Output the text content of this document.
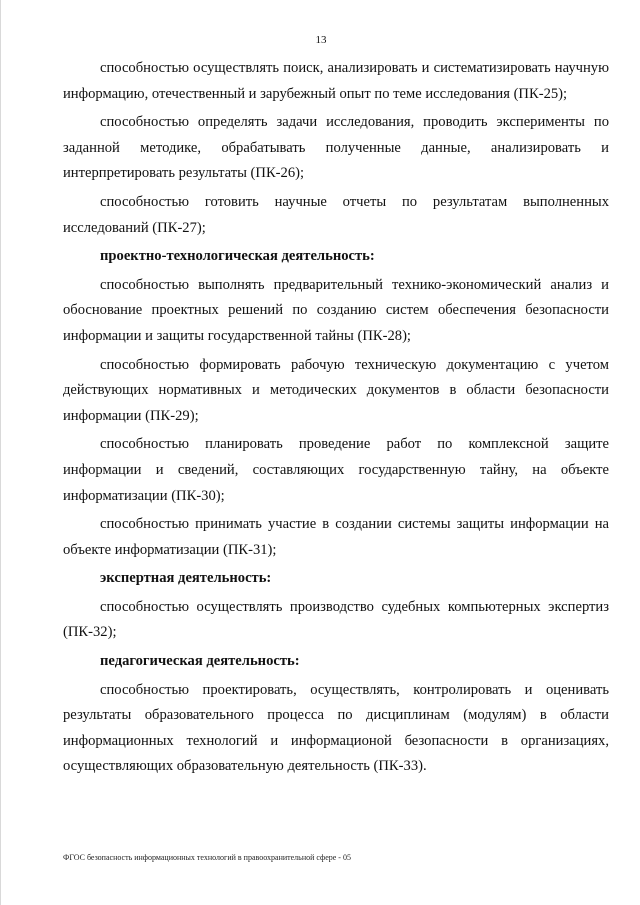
13

способностью осуществлять поиск, анализировать и систематизировать научную информацию, отечественный и зарубежный опыт по теме исследования (ПК-25);

способностью определять задачи исследования, проводить эксперименты по заданной методике, обрабатывать полученные данные, анализировать и интерпретировать результаты (ПК-26);

способностью готовить научные отчеты по результатам выполненных исследований (ПК-27);

проектно-технологическая деятельность:

способностью выполнять предварительный технико-экономический анализ и обоснование проектных решений по созданию систем обеспечения безопасности информации и защиты государственной тайны (ПК-28);

способностью формировать рабочую техническую документацию с учетом действующих нормативных и методических документов в области безопасности информации (ПК-29);

способностью планировать проведение работ по комплексной защите информации и сведений, составляющих государственную тайну, на объекте информатизации (ПК-30);

способностью принимать участие в создании системы защиты информации на объекте информатизации (ПК-31);

экспертная деятельность:

способностью осуществлять производство судебных компьютерных экспертиз (ПК-32);

педагогическая деятельность:

способностью проектировать, осуществлять, контролировать и оценивать результаты образовательного процесса по дисциплинам (модулям) в области информационных технологий и информационой безопасности в организациях, осуществляющих образовательную деятельность (ПК-33).

ФГОС безопасность информационных технологий в правоохранительной сфере - 05
